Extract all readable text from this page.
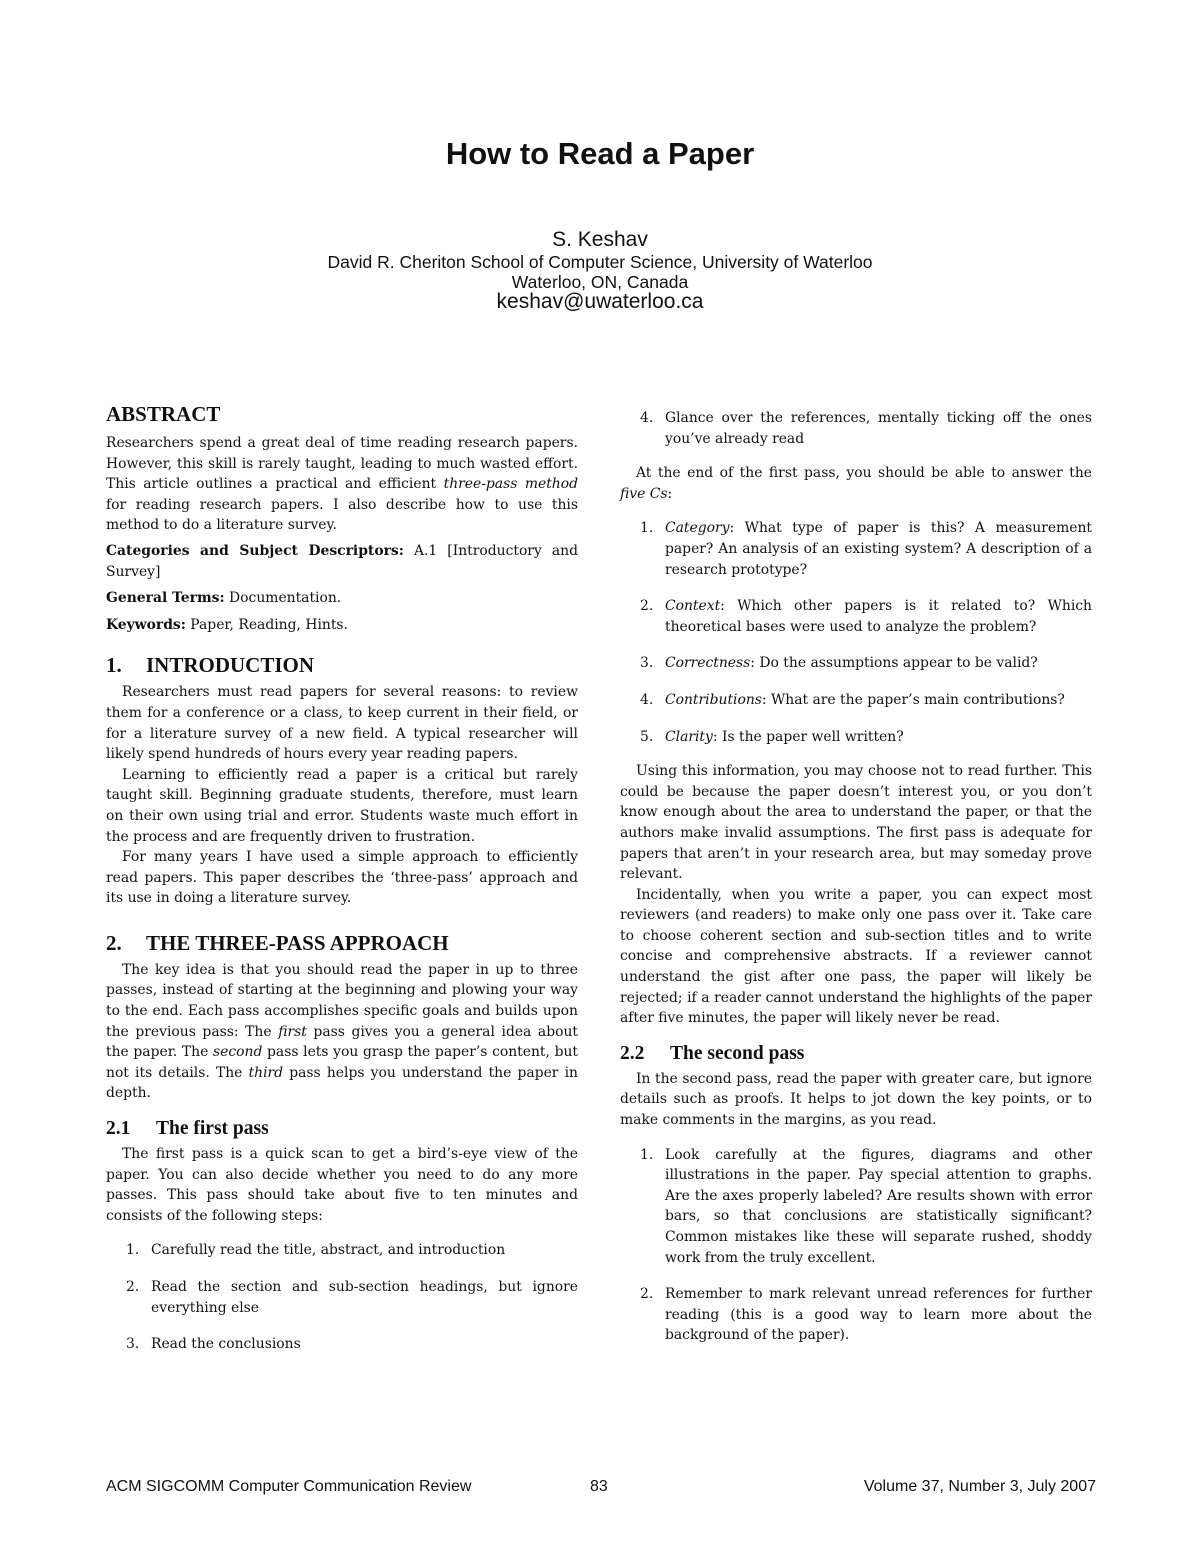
How to Read a Paper
S. Keshav
David R. Cheriton School of Computer Science, University of Waterloo
Waterloo, ON, Canada
keshav@uwaterloo.ca
ABSTRACT

Researchers spend a great deal of time reading research papers. However, this skill is rarely taught, leading to much wasted effort. This article outlines a practical and efficient three-pass method for reading research papers. I also describe how to use this method to do a literature survey.

Categories and Subject Descriptors: A.1 [Introductory and Survey]

General Terms: Documentation.

Keywords: Paper, Reading, Hints.

1. INTRODUCTION

Researchers must read papers for several reasons: to review them for a conference or a class, to keep current in their field, or for a literature survey of a new field. A typical researcher will likely spend hundreds of hours every year reading papers.

Learning to efficiently read a paper is a critical but rarely taught skill. Beginning graduate students, therefore, must learn on their own using trial and error. Students waste much effort in the process and are frequently driven to frustration.

For many years I have used a simple approach to efficiently read papers. This paper describes the ‘three-pass’ approach and its use in doing a literature survey.

2. THE THREE-PASS APPROACH

The key idea is that you should read the paper in up to three passes, instead of starting at the beginning and plowing your way to the end. Each pass accomplishes specific goals and builds upon the previous pass: The first pass gives you a general idea about the paper. The second pass lets you grasp the paper’s content, but not its details. The third pass helps you understand the paper in depth.

2.1 The first pass

The first pass is a quick scan to get a bird’s-eye view of the paper. You can also decide whether you need to do any more passes. This pass should take about five to ten minutes and consists of the following steps:

1. Carefully read the title, abstract, and introduction
2. Read the section and sub-section headings, but ignore everything else
3. Read the conclusions
4. Glance over the references, mentally ticking off the ones you’ve already read

At the end of the first pass, you should be able to answer the five Cs:

1. Category: What type of paper is this? A measurement paper? An analysis of an existing system? A description of a research prototype?
2. Context: Which other papers is it related to? Which theoretical bases were used to analyze the problem?
3. Correctness: Do the assumptions appear to be valid?
4. Contributions: What are the paper’s main contributions?
5. Clarity: Is the paper well written?

Using this information, you may choose not to read further. This could be because the paper doesn’t interest you, or you don’t know enough about the area to understand the paper, or that the authors make invalid assumptions. The first pass is adequate for papers that aren’t in your research area, but may someday prove relevant.

Incidentally, when you write a paper, you can expect most reviewers (and readers) to make only one pass over it. Take care to choose coherent section and sub-section titles and to write concise and comprehensive abstracts. If a reviewer cannot understand the gist after one pass, the paper will likely be rejected; if a reader cannot understand the highlights of the paper after five minutes, the paper will likely never be read.

2.2 The second pass

In the second pass, read the paper with greater care, but ignore details such as proofs. It helps to jot down the key points, or to make comments in the margins, as you read.

1. Look carefully at the figures, diagrams and other illustrations in the paper. Pay special attention to graphs. Are the axes properly labeled? Are results shown with error bars, so that conclusions are statistically significant? Common mistakes like these will separate rushed, shoddy work from the truly excellent.
2. Remember to mark relevant unread references for further reading (this is a good way to learn more about the background of the paper).
ACM SIGCOMM Computer Communication Review	83	Volume 37, Number 3, July 2007
